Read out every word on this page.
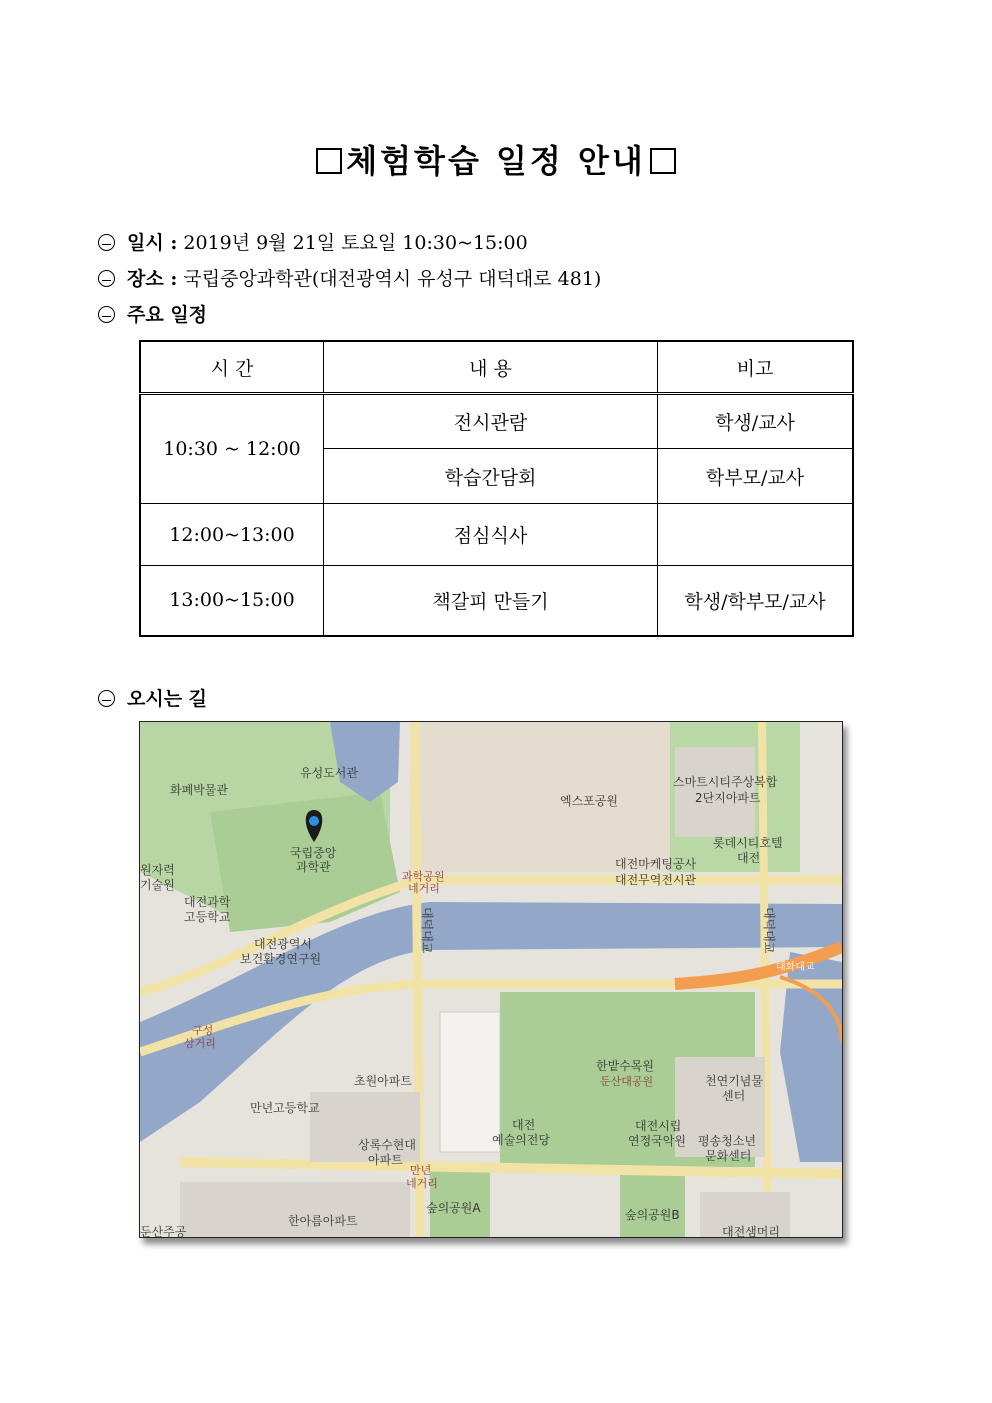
체험학습 일정 안내
일시 : 2019년 9월 21일 토요일 10:30~15:00
장소 : 국립중앙과학관(대전광역시 유성구 대덕대로 481)
주요 일정
시 간	내 용	비고
10:30 ~ 12:00	전시관람	학생/교사
	학습간담회	학부모/교사
12:00~13:00	점심식사	
13:00~15:00	책갈피 만들기	학생/학부모/교사
오시는 길
국립중앙
과학관
유성도서관
화폐박물관
엑스포공원
스마트시티주상복합
2단지아파트
롯데시티호텔
대전
대전마케팅공사
대전무역전시관
과학공원
네거리
원자력
기술원
대전과학
고등학교
대전광역시
보건환경연구원
대화대교
구성
삼거리
초원아파트
만년고등학교
상록수현대
아파트
만년
네거리
대전
예술의전당
한밭수목원
둔산대공원	천연기념물
센터
대전시립
연정국악원 평송청소년
문화센터
숲의공원A	숲의공원B
한아름아파트
둔산주공	대전샘머리
대덕대교	대덕대교
